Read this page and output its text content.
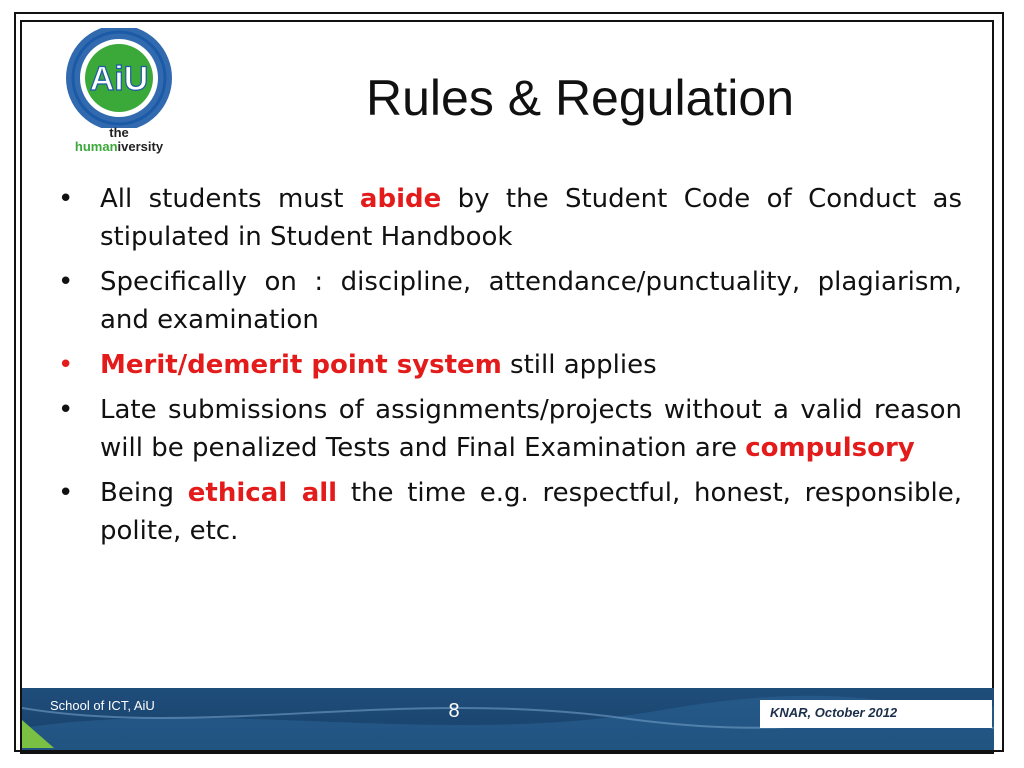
AiU
the
humaniversity
Rules & Regulation
•	All students must abide by the Student Code of Conduct as stipulated in Student Handbook
•	Specifically on : discipline, attendance/punctuality, plagiarism, and examination
•	Merit/demerit point system still applies
•	Late submissions of assignments/projects without a valid reason will be penalized Tests and Final Examination are compulsory
•	Being ethical all the time e.g. respectful, honest, responsible, polite, etc.
School of ICT, AiU	8	KNAR, October 2012
